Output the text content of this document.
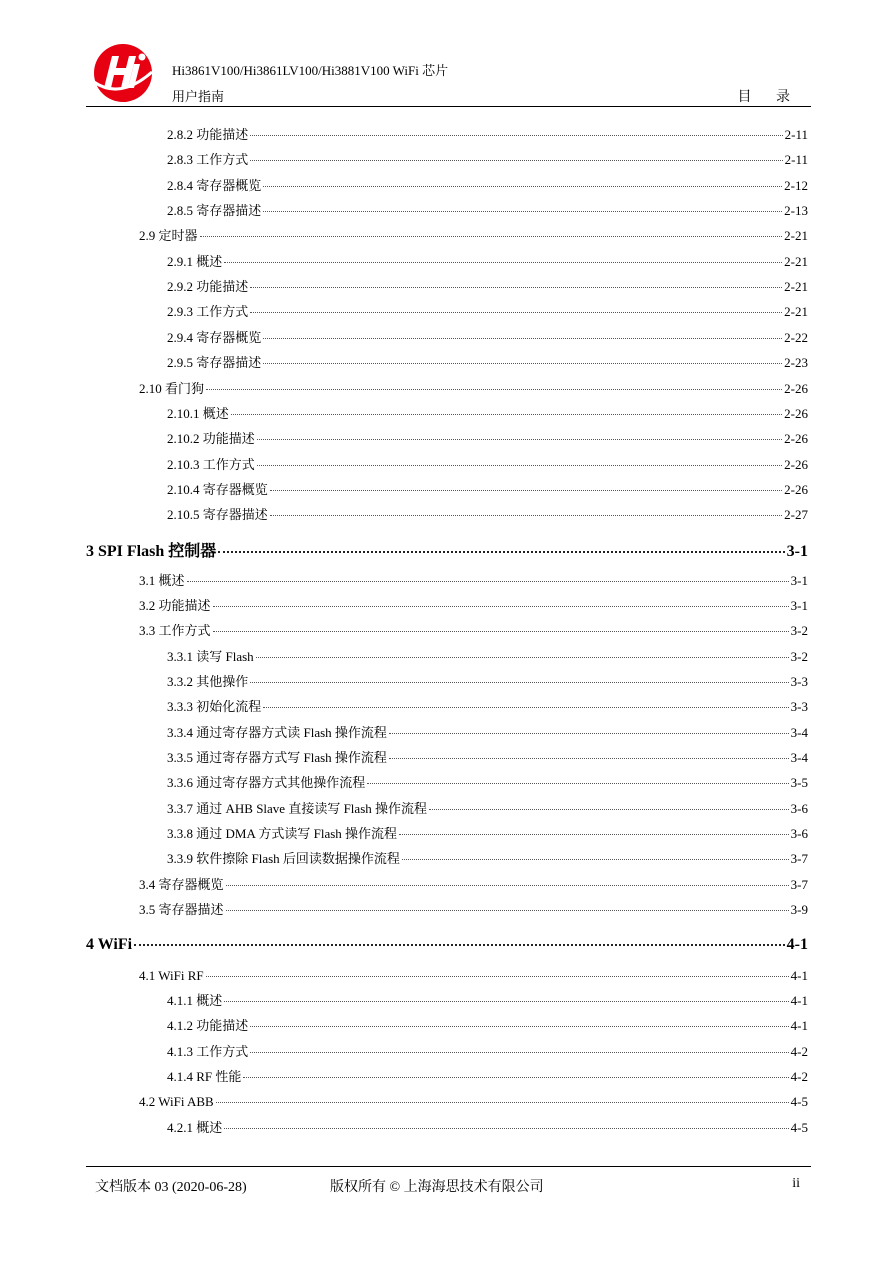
Hi3861V100/Hi3861LV100/Hi3881V100 WiFi 芯片
用户指南	目 录
2.8.2 功能描述	2-11
2.8.3 工作方式	2-11
2.8.4 寄存器概览	2-12
2.8.5 寄存器描述	2-13
2.9 定时器	2-21
2.9.1 概述	2-21
2.9.2 功能描述	2-21
2.9.3 工作方式	2-21
2.9.4 寄存器概览	2-22
2.9.5 寄存器描述	2-23
2.10 看门狗	2-26
2.10.1 概述	2-26
2.10.2 功能描述	2-26
2.10.3 工作方式	2-26
2.10.4 寄存器概览	2-26
2.10.5 寄存器描述	2-27
3 SPI Flash 控制器	3-1
3.1 概述	3-1
3.2 功能描述	3-1
3.3 工作方式	3-2
3.3.1 读写 Flash	3-2
3.3.2 其他操作	3-3
3.3.3 初始化流程	3-3
3.3.4 通过寄存器方式读 Flash 操作流程	3-4
3.3.5 通过寄存器方式写 Flash 操作流程	3-4
3.3.6 通过寄存器方式其他操作流程	3-5
3.3.7 通过 AHB Slave 直接读写 Flash 操作流程	3-6
3.3.8 通过 DMA 方式读写 Flash 操作流程	3-6
3.3.9 软件擦除 Flash 后回读数据操作流程	3-7
3.4 寄存器概览	3-7
3.5 寄存器描述	3-9
4 WiFi	4-1
4.1 WiFi RF	4-1
4.1.1 概述	4-1
4.1.2 功能描述	4-1
4.1.3 工作方式	4-2
4.1.4 RF 性能	4-2
4.2 WiFi ABB	4-5
4.2.1 概述	4-5
文档版本 03 (2020-06-28)	版权所有 © 上海海思技术有限公司	ii
